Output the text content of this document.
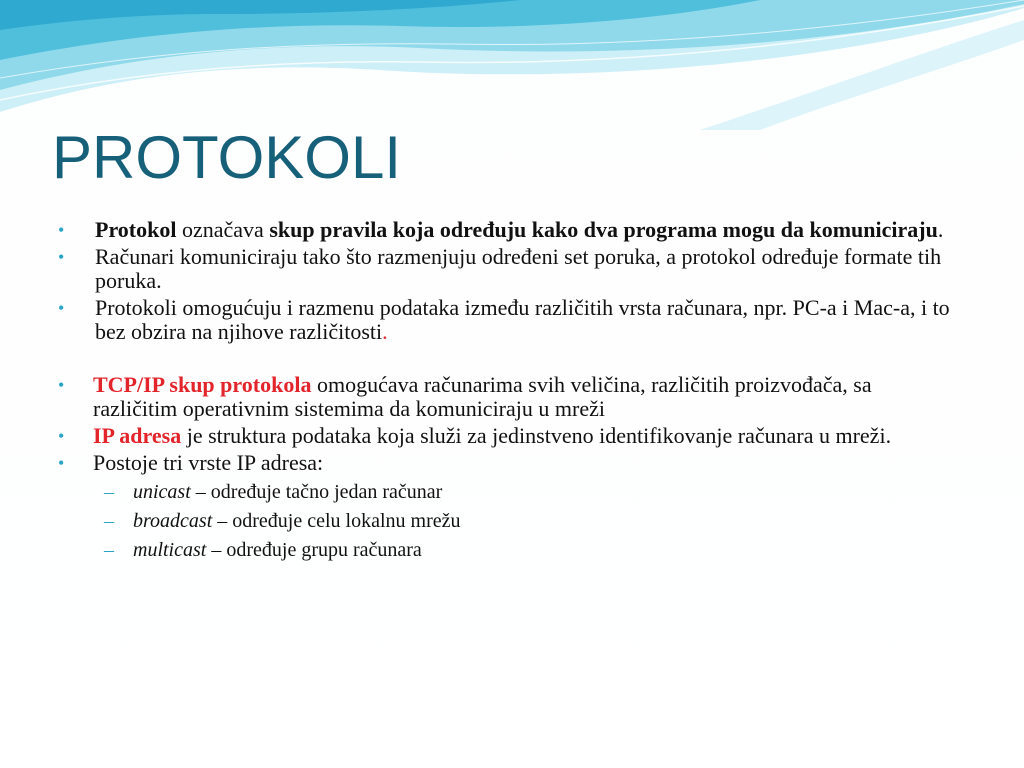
PROTOKOLI
• Protokol označava skup pravila koja određuju kako dva programa mogu da komuniciraju.
• Računari komuniciraju tako što razmenjuju određeni set poruka, a protokol određuje formate tih poruka.
• Protokoli omogućuju i razmenu podataka između različitih vrsta računara, npr. PC-a i Mac-a, i to bez obzira na njihove različitosti.
• TCP/IP skup protokola omogućava računarima svih veličina, različitih proizvođača, sa različitim operativnim sistemima da komuniciraju u mreži
• IP adresa je struktura podataka koja služi za jedinstveno identifikovanje računara u mreži.
• Postoje tri vrste IP adresa:
– unicast – određuje tačno jedan računar
– broadcast – određuje celu lokalnu mrežu
– multicast – određuje grupu računara
